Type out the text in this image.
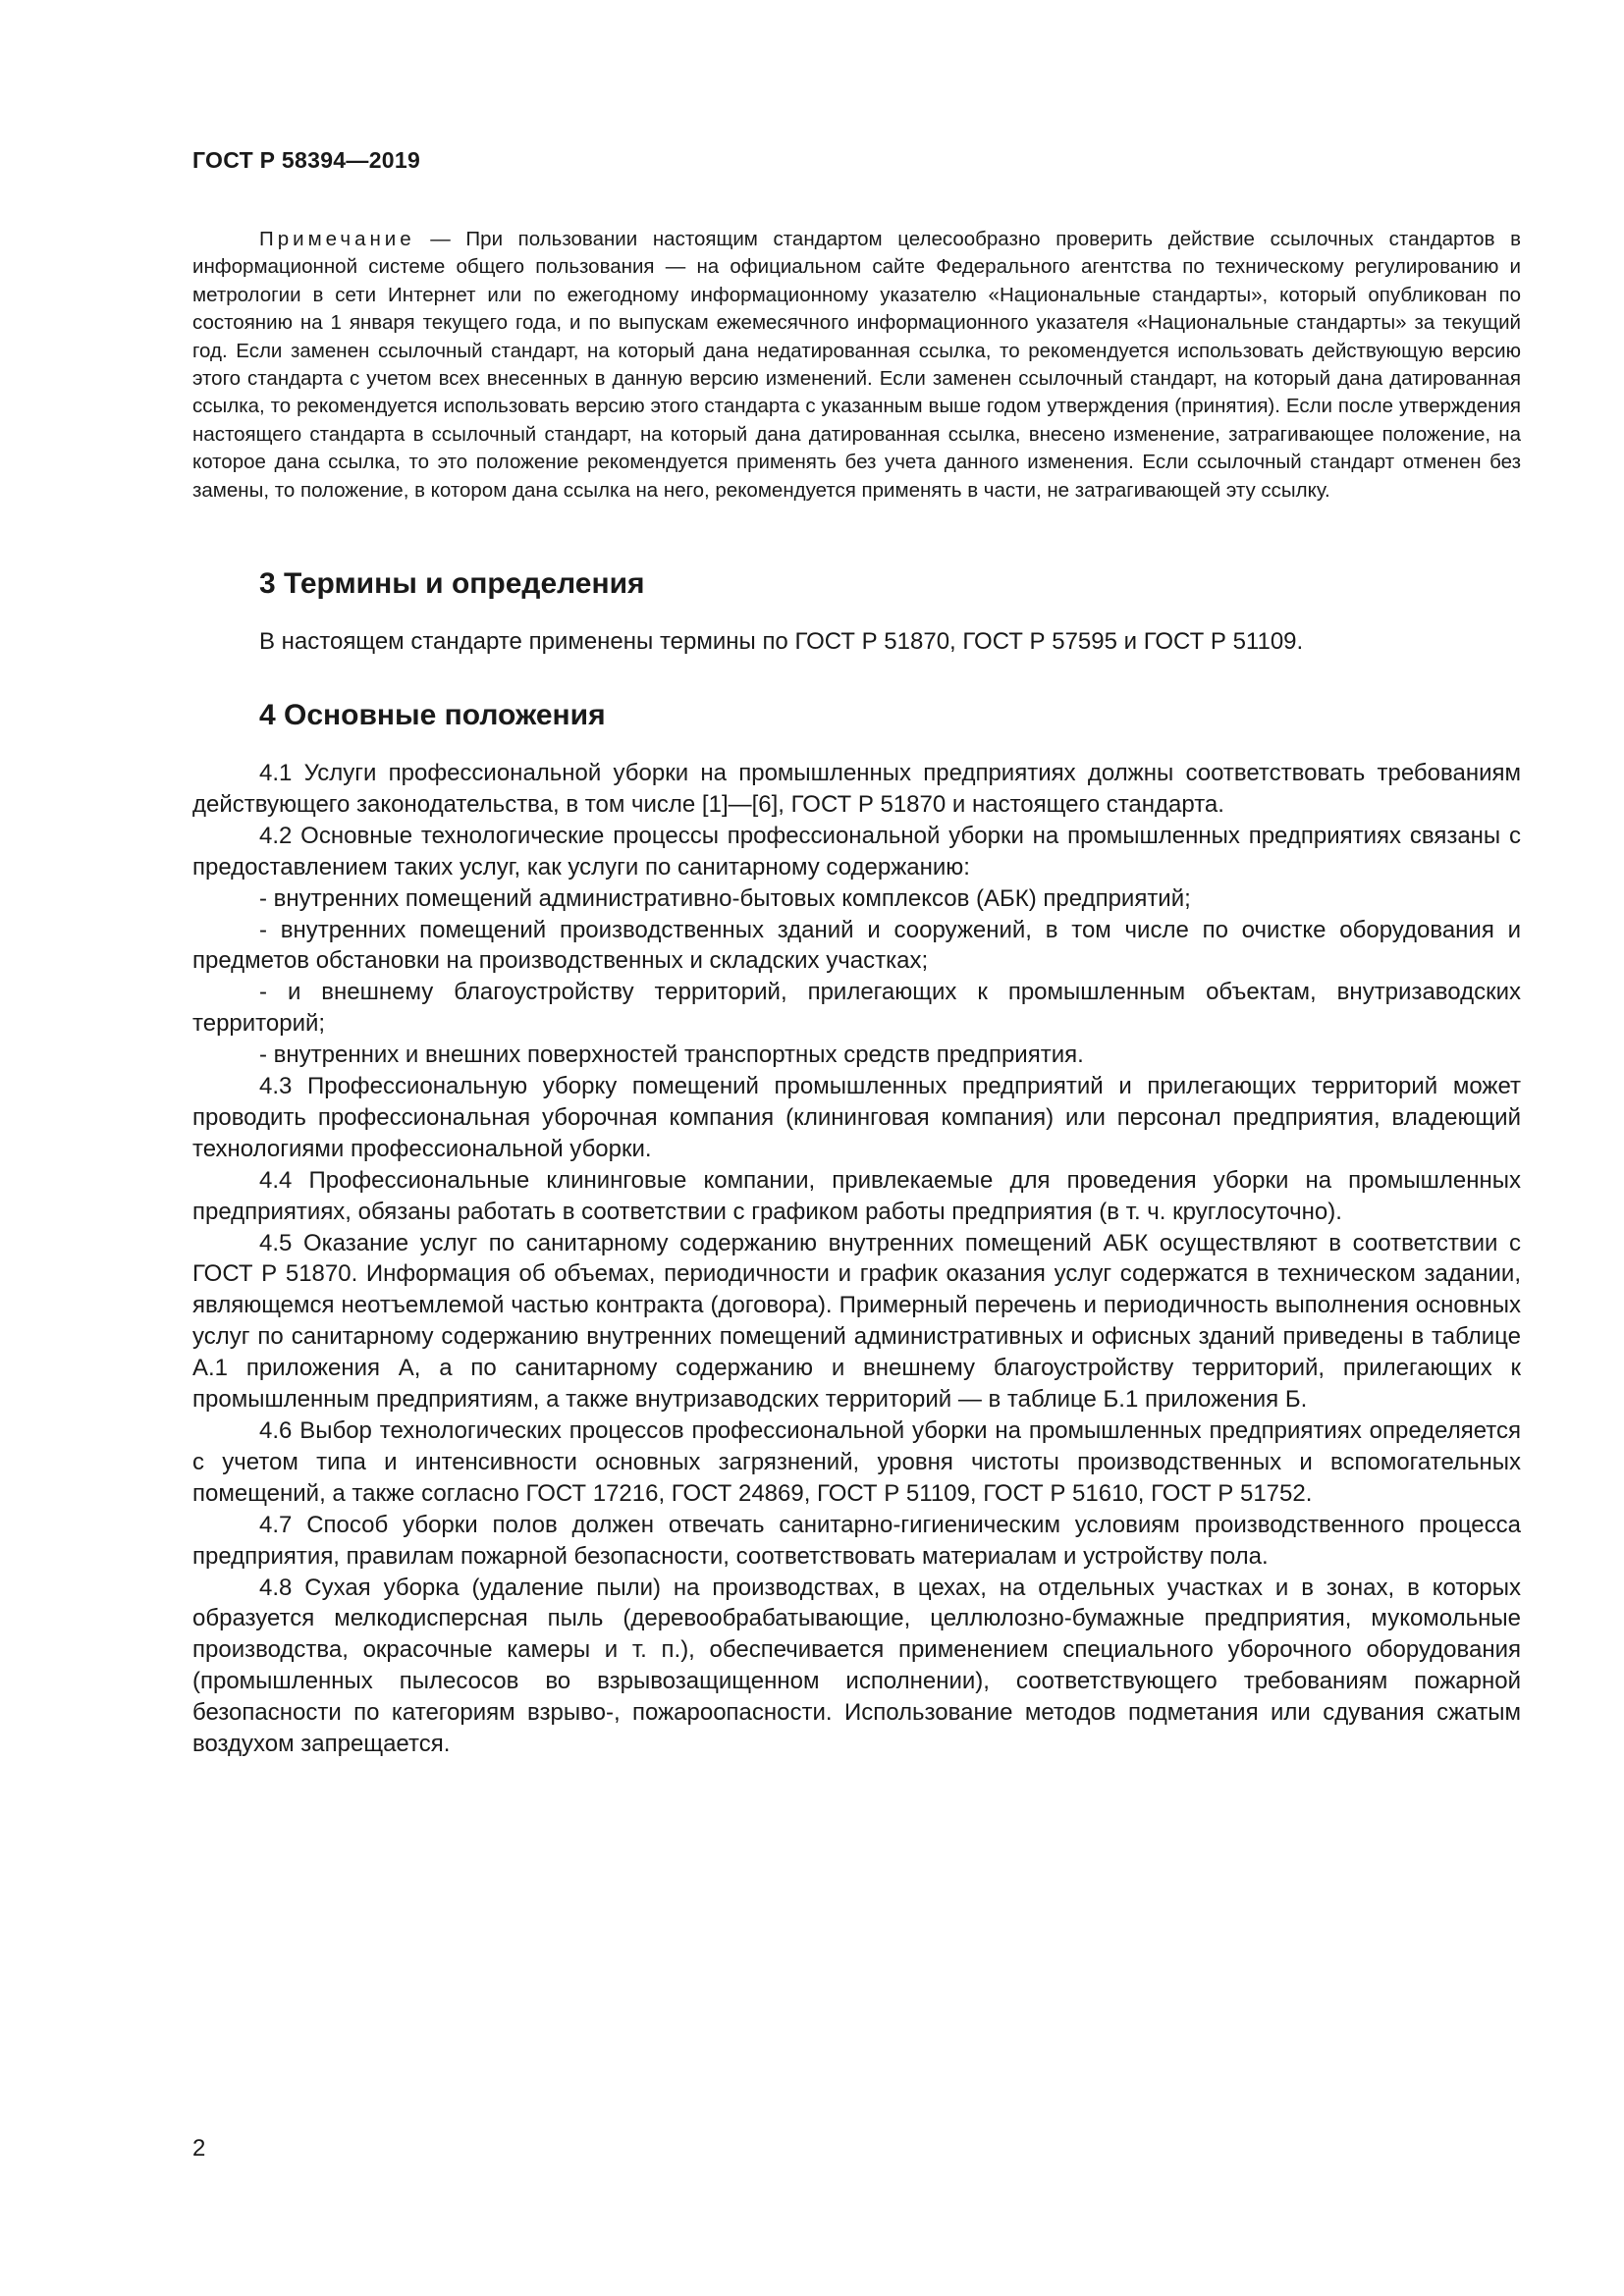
ГОСТ Р 58394—2019

Примечание — При пользовании настоящим стандартом целесообразно проверить действие ссылочных стандартов в информационной системе общего пользования — на официальном сайте Федерального агентства по техническому регулированию и метрологии в сети Интернет или по ежегодному информационному указателю «Национальные стандарты», который опубликован по состоянию на 1 января текущего года, и по выпускам ежемесячного информационного указателя «Национальные стандарты» за текущий год. Если заменен ссылочный стандарт, на который дана недатированная ссылка, то рекомендуется использовать действующую версию этого стандарта с учетом всех внесенных в данную версию изменений. Если заменен ссылочный стандарт, на который дана датированная ссылка, то рекомендуется использовать версию этого стандарта с указанным выше годом утверждения (принятия). Если после утверждения настоящего стандарта в ссылочный стандарт, на который дана датированная ссылка, внесено изменение, затрагивающее положение, на которое дана ссылка, то это положение рекомендуется применять без учета данного изменения. Если ссылочный стандарт отменен без замены, то положение, в котором дана ссылка на него, рекомендуется применять в части, не затрагивающей эту ссылку.

3 Термины и определения

В настоящем стандарте применены термины по ГОСТ Р 51870, ГОСТ Р 57595 и ГОСТ Р 51109.

4 Основные положения

4.1 Услуги профессиональной уборки на промышленных предприятиях должны соответствовать требованиям действующего законодательства, в том числе [1]—[6], ГОСТ Р 51870 и настоящего стандарта.

4.2 Основные технологические процессы профессиональной уборки на промышленных предприятиях связаны с предоставлением таких услуг, как услуги по санитарному содержанию:

- внутренних помещений административно-бытовых комплексов (АБК) предприятий;

- внутренних помещений производственных зданий и сооружений, в том числе по очистке оборудования и предметов обстановки на производственных и складских участках;

- и внешнему благоустройству территорий, прилегающих к промышленным объектам, внутризаводских территорий;

- внутренних и внешних поверхностей транспортных средств предприятия.

4.3 Профессиональную уборку помещений промышленных предприятий и прилегающих территорий может проводить профессиональная уборочная компания (клининговая компания) или персонал предприятия, владеющий технологиями профессиональной уборки.

4.4 Профессиональные клининговые компании, привлекаемые для проведения уборки на промышленных предприятиях, обязаны работать в соответствии с графиком работы предприятия (в т. ч. круглосуточно).

4.5 Оказание услуг по санитарному содержанию внутренних помещений АБК осуществляют в соответствии с ГОСТ Р 51870. Информация об объемах, периодичности и график оказания услуг содержатся в техническом задании, являющемся неотъемлемой частью контракта (договора). Примерный перечень и периодичность выполнения основных услуг по санитарному содержанию внутренних помещений административных и офисных зданий приведены в таблице А.1 приложения А, а по санитарному содержанию и внешнему благоустройству территорий, прилегающих к промышленным предприятиям, а также внутризаводских территорий — в таблице Б.1 приложения Б.

4.6 Выбор технологических процессов профессиональной уборки на промышленных предприятиях определяется с учетом типа и интенсивности основных загрязнений, уровня чистоты производственных и вспомогательных помещений, а также согласно ГОСТ 17216, ГОСТ 24869, ГОСТ Р 51109, ГОСТ Р 51610, ГОСТ Р 51752.

4.7 Способ уборки полов должен отвечать санитарно-гигиеническим условиям производственного процесса предприятия, правилам пожарной безопасности, соответствовать материалам и устройству пола.

4.8 Сухая уборка (удаление пыли) на производствах, в цехах, на отдельных участках и в зонах, в которых образуется мелкодисперсная пыль (деревообрабатывающие, целлюлозно-бумажные предприятия, мукомольные производства, окрасочные камеры и т. п.), обеспечивается применением специального уборочного оборудования (промышленных пылесосов во взрывозащищенном исполнении), соответствующего требованиям пожарной безопасности по категориям взрыво-, пожароопасности. Использование методов подметания или сдувания сжатым воздухом запрещается.

2
